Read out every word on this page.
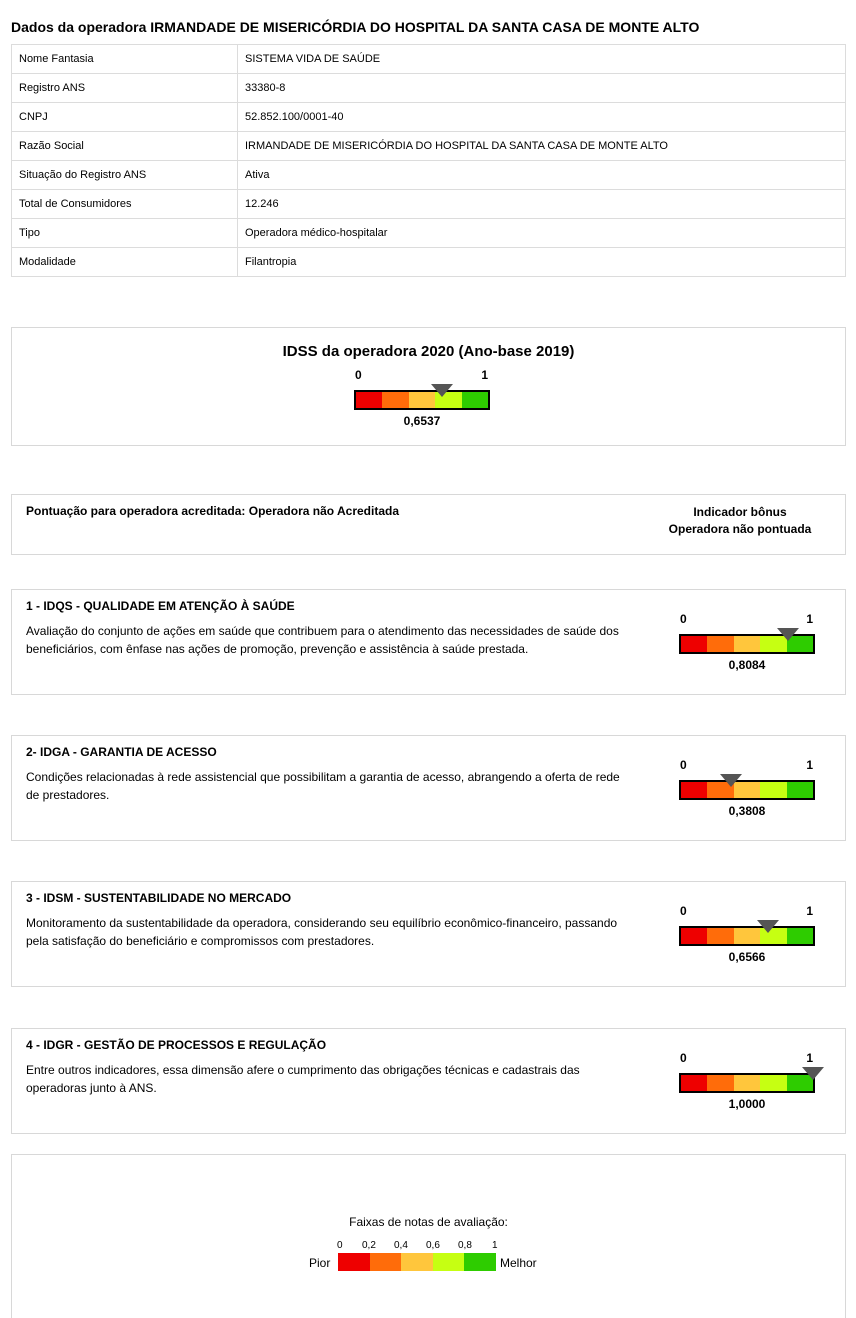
Dados da operadora IRMANDADE DE MISERICÓRDIA DO HOSPITAL DA SANTA CASA DE MONTE ALTO
Nome Fantasia	SISTEMA VIDA DE SAÚDE
Registro ANS	33380-8
CNPJ	52.852.100/0001-40
Razão Social	IRMANDADE DE MISERICÓRDIA DO HOSPITAL DA SANTA CASA DE MONTE ALTO
Situação do Registro ANS	Ativa
Total de Consumidores	12.246
Tipo	Operadora médico-hospitalar
Modalidade	Filantropia
IDSS da operadora 2020 (Ano-base 2019)
0	1
0,6537
Pontuação para operadora acreditada: Operadora não Acreditada	Indicador bônus
Operadora não pontuada
1 - IDQS - QUALIDADE EM ATENÇÃO À SAÚDE
Avaliação do conjunto de ações em saúde que contribuem para o atendimento das necessidades de saúde dos beneficiários, com ênfase nas ações de promoção, prevenção e assistência à saúde prestada.
0	1
0,8084
2- IDGA - GARANTIA DE ACESSO
Condições relacionadas à rede assistencial que possibilitam a garantia de acesso, abrangendo a oferta de rede de prestadores.
0	1
0,3808
3 - IDSM - SUSTENTABILIDADE NO MERCADO
Monitoramento da sustentabilidade da operadora, considerando seu equilíbrio econômico-financeiro, passando pela satisfação do beneficiário e compromissos com prestadores.
0	1
0,6566
4 - IDGR - GESTÃO DE PROCESSOS E REGULAÇÃO
Entre outros indicadores, essa dimensão afere o cumprimento das obrigações técnicas e cadastrais das operadoras junto à ANS.
0	1
1,0000
Faixas de notas de avaliação:
0 0,2 0,4 0,6 0,8 1
Pior	Melhor
